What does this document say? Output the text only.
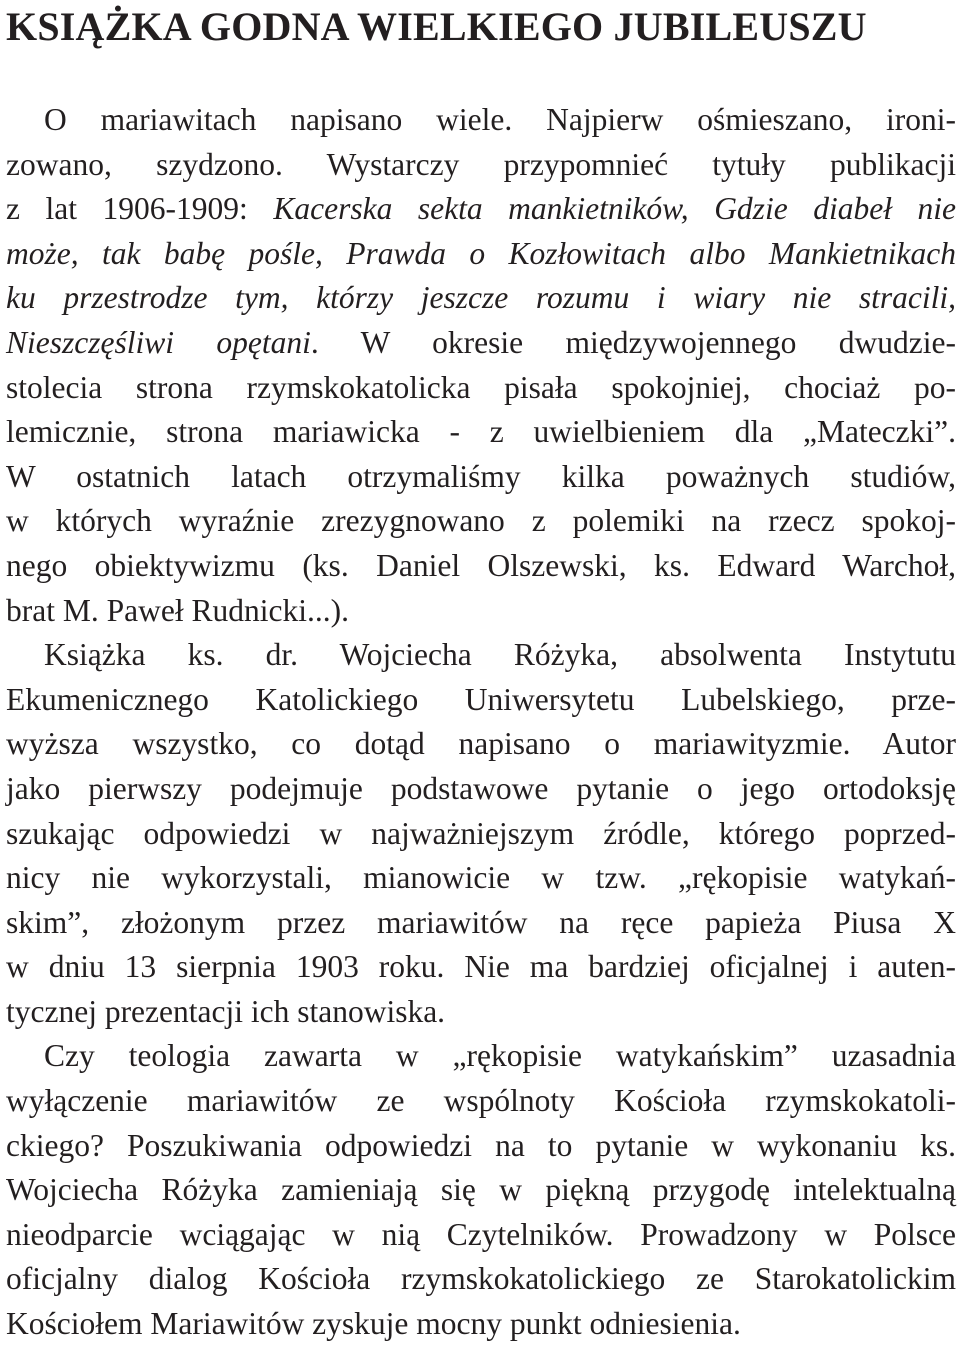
KSIĄŻKA GODNA WIELKIEGO JUBILEUSZU
O mariawitach napisano wiele. Najpierw ośmieszano, ironi-
zowano, szydzono. Wystarczy przypomnieć tytuły publikacji
z lat 1906-1909: Kacerska sekta mankietników, Gdzie diabeł nie
może, tak babę pośle, Prawda o Kozłowitach albo Mankietnikach
ku przestrodze tym, którzy jeszcze rozumu i wiary nie stracili,
Nieszczęśliwi opętani. W okresie międzywojennego dwudzie-
stolecia strona rzymskokatolicka pisała spokojniej, chociaż po-
lemicznie, strona mariawicka - z uwielbieniem dla „Mateczki”.
W ostatnich latach otrzymaliśmy kilka poważnych studiów,
w których wyraźnie zrezygnowano z polemiki na rzecz spokoj-
nego obiektywizmu (ks. Daniel Olszewski, ks. Edward Warchoł,
brat M. Paweł Rudnicki...).
Książka ks. dr. Wojciecha Różyka, absolwenta Instytutu
Ekumenicznego Katolickiego Uniwersytetu Lubelskiego, prze-
wyższa wszystko, co dotąd napisano o mariawityzmie. Autor
jako pierwszy podejmuje podstawowe pytanie o jego ortodoksję
szukając odpowiedzi w najważniejszym źródle, którego poprzed-
nicy nie wykorzystali, mianowicie w tzw. „rękopisie watykań-
skim”, złożonym przez mariawitów na ręce papieża Piusa X
w dniu 13 sierpnia 1903 roku. Nie ma bardziej oficjalnej i auten-
tycznej prezentacji ich stanowiska.
Czy teologia zawarta w „rękopisie watykańskim” uzasadnia
wyłączenie mariawitów ze wspólnoty Kościoła rzymskokatoli-
ckiego? Poszukiwania odpowiedzi na to pytanie w wykonaniu ks.
Wojciecha Różyka zamieniają się w piękną przygodę intelektualną
nieodparcie wciągając w nią Czytelników. Prowadzony w Polsce
oficjalny dialog Kościoła rzymskokatolickiego ze Starokatolickim
Kościołem Mariawitów zyskuje mocny punkt odniesienia.
